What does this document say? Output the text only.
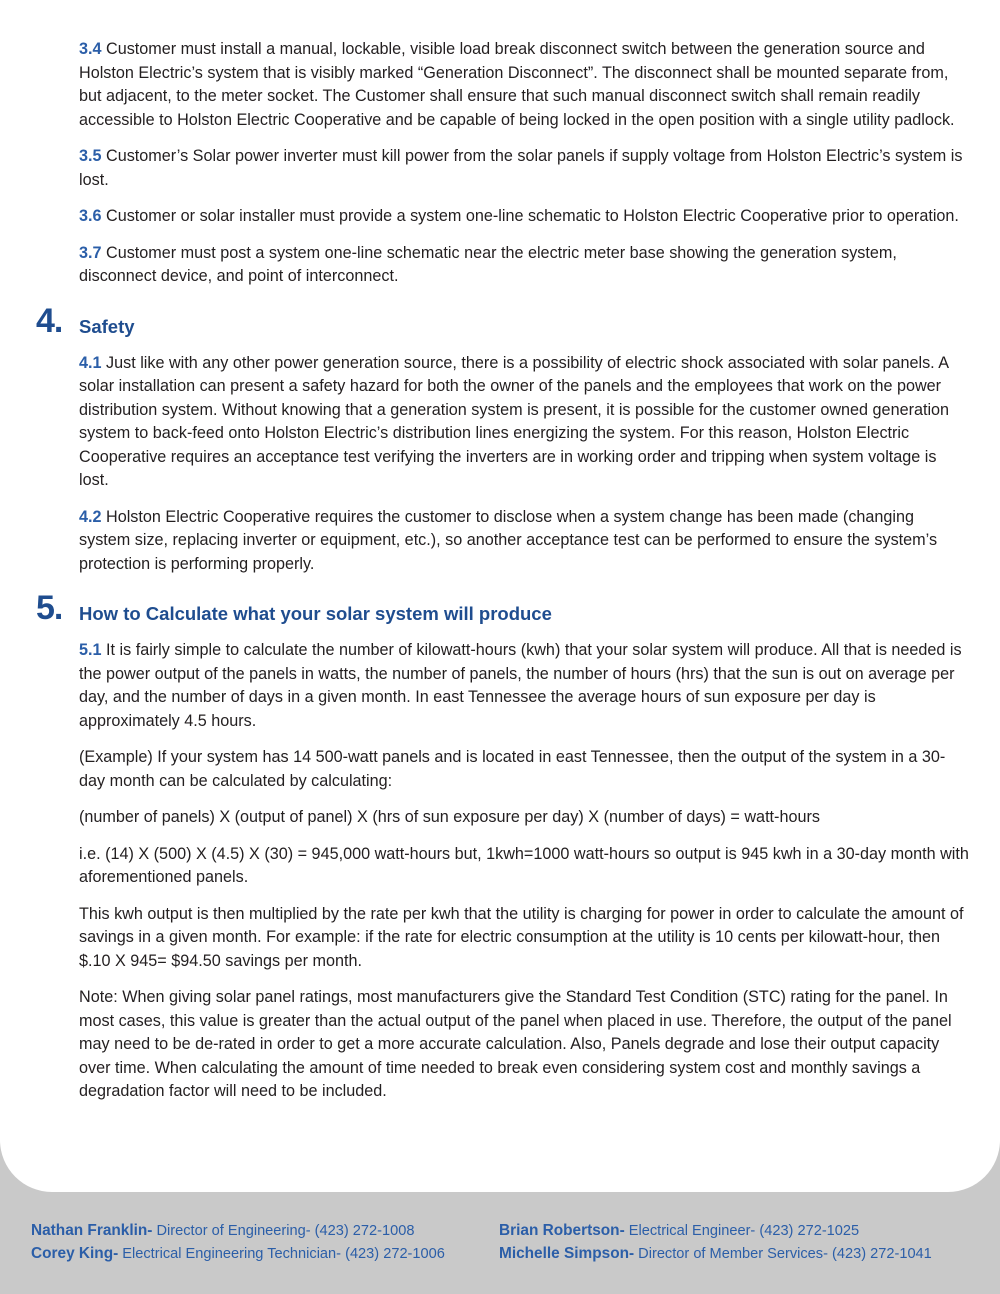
3.4 Customer must install a manual, lockable, visible load break disconnect switch between the generation source and Holston Electric’s system that is visibly marked “Generation Disconnect”. The disconnect shall be mounted separate from, but adjacent, to the meter socket. The Customer shall ensure that such manual disconnect switch shall remain readily accessible to Holston Electric Cooperative and be capable of being locked in the open position with a single utility padlock.

3.5 Customer’s Solar power inverter must kill power from the solar panels if supply voltage from Holston Electric’s system is lost.

3.6 Customer or solar installer must provide a system one-line schematic to Holston Electric Cooperative prior to operation.

3.7 Customer must post a system one-line schematic near the electric meter base showing the generation system, disconnect device, and point of interconnect.

4. Safety

4.1 Just like with any other power generation source, there is a possibility of electric shock associated with solar panels. A solar installation can present a safety hazard for both the owner of the panels and the employees that work on the power distribution system. Without knowing that a generation system is present, it is possible for the customer owned generation system to back-feed onto Holston Electric’s distribution lines energizing the system. For this reason, Holston Electric Cooperative requires an acceptance test verifying the inverters are in working order and tripping when system voltage is lost.

4.2 Holston Electric Cooperative requires the customer to disclose when a system change has been made (changing system size, replacing inverter or equipment, etc.), so another acceptance test can be performed to ensure the system’s protection is performing properly.

5. How to Calculate what your solar system will produce

5.1 It is fairly simple to calculate the number of kilowatt-hours (kwh) that your solar system will produce. All that is needed is the power output of the panels in watts, the number of panels, the number of hours (hrs) that the sun is out on average per day, and the number of days in a given month. In east Tennessee the average hours of sun exposure per day is approximately 4.5 hours.

(Example) If your system has 14 500-watt panels and is located in east Tennessee, then the output of the system in a 30-day month can be calculated by calculating:

(number of panels) X (output of panel) X (hrs of sun exposure per day) X (number of days) = watt-hours

i.e. (14) X (500) X (4.5) X (30) = 945,000 watt-hours but, 1kwh=1000 watt-hours so output is 945 kwh in a 30-day month with aforementioned panels.

This kwh output is then multiplied by the rate per kwh that the utility is charging for power in order to calculate the amount of savings in a given month. For example: if the rate for electric consumption at the utility is 10 cents per kilowatt-hour, then $.10 X 945= $94.50 savings per month.

Note: When giving solar panel ratings, most manufacturers give the Standard Test Condition (STC) rating for the panel. In most cases, this value is greater than the actual output of the panel when placed in use. Therefore, the output of the panel may need to be de-rated in order to get a more accurate calculation. Also, Panels degrade and lose their output capacity over time. When calculating the amount of time needed to break even considering system cost and monthly savings a degradation factor will need to be included.

Nathan Franklin- Director of Engineering- (423) 272-1008	Brian Robertson- Electrical Engineer- (423) 272-1025
Corey King- Electrical Engineering Technician- (423) 272-1006	Michelle Simpson- Director of Member Services- (423) 272-1041
